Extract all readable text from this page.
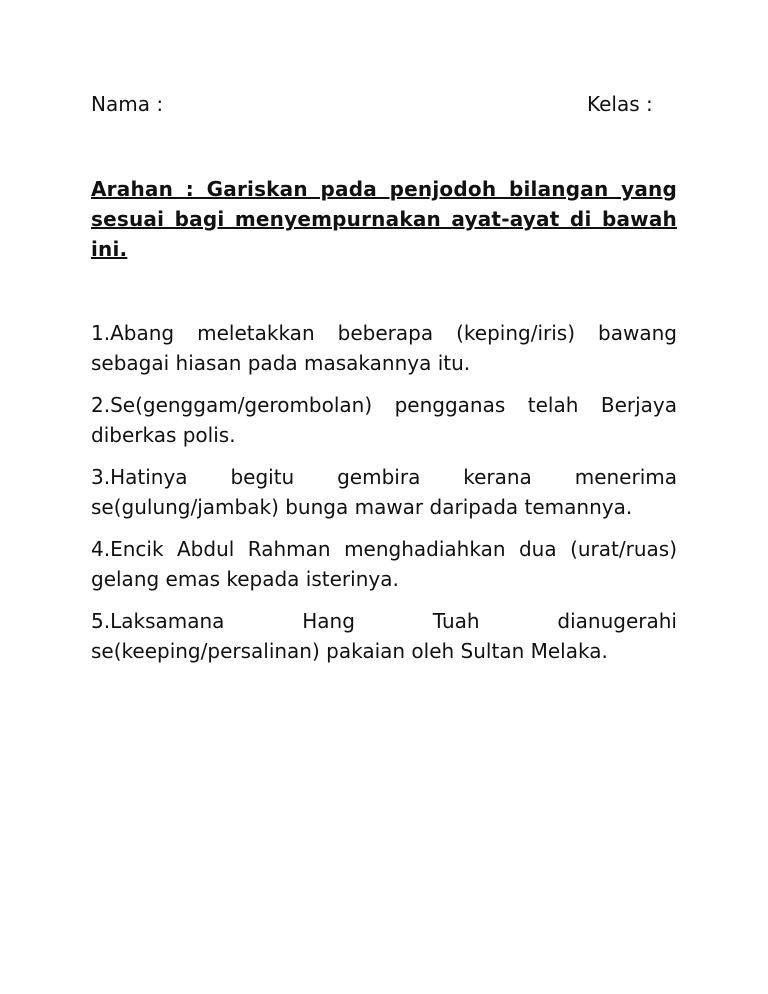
Nama :	Kelas :
Arahan : Gariskan pada penjodoh bilangan yang sesuai bagi menyempurnakan ayat-ayat di bawah ini.

1.Abang meletakkan beberapa (keping/iris) bawang sebagai hiasan pada masakannya itu.

2.Se(genggam/gerombolan) pengganas telah Berjaya diberkas polis.

3.Hatinya begitu gembira kerana menerima se(gulung/jambak) bunga mawar daripada temannya.

4.Encik Abdul Rahman menghadiahkan dua (urat/ruas) gelang emas kepada isterinya.

5.Laksamana Hang Tuah dianugerahi se(keeping/persalinan) pakaian oleh Sultan Melaka.
